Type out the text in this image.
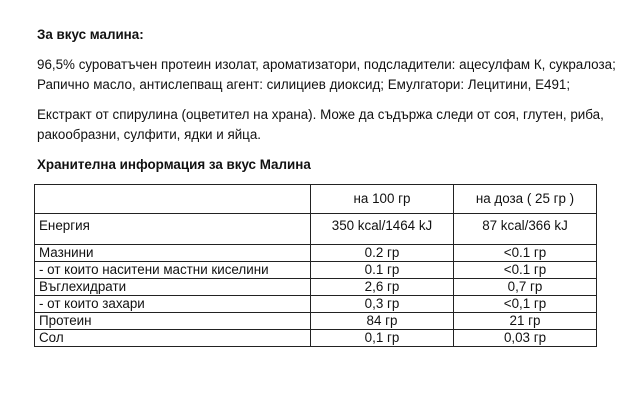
За вкус малина:
96,5% суроватъчен протеин изолат, ароматизатори, подсладители: ацесулфам К, сукралоза;
Рапично масло, антислепващ агент: силициев диоксид; Емулгатори: Лецитини, Е491;
Екстракт от спирулина (оцветител на храна). Може да съдържа следи от соя, глутен, риба,
ракообразни, сулфити, ядки и яйца.
Хранителна информация за вкус Малина
	на 100 гр	на доза ( 25 гр )
Енергия	350 kcal/1464 kJ	87 kcal/366 kJ
Мазнини	0.2 гр	<0.1 гр
- от които наситени мастни киселини	0.1 гр	<0.1 гр
Въглехидрати	2,6 гр	0,7 гр
- от които захари	0,3 гр	<0,1 гр
Протеин	84 гр	21 гр
Сол	0,1 гр	0,03 гр
